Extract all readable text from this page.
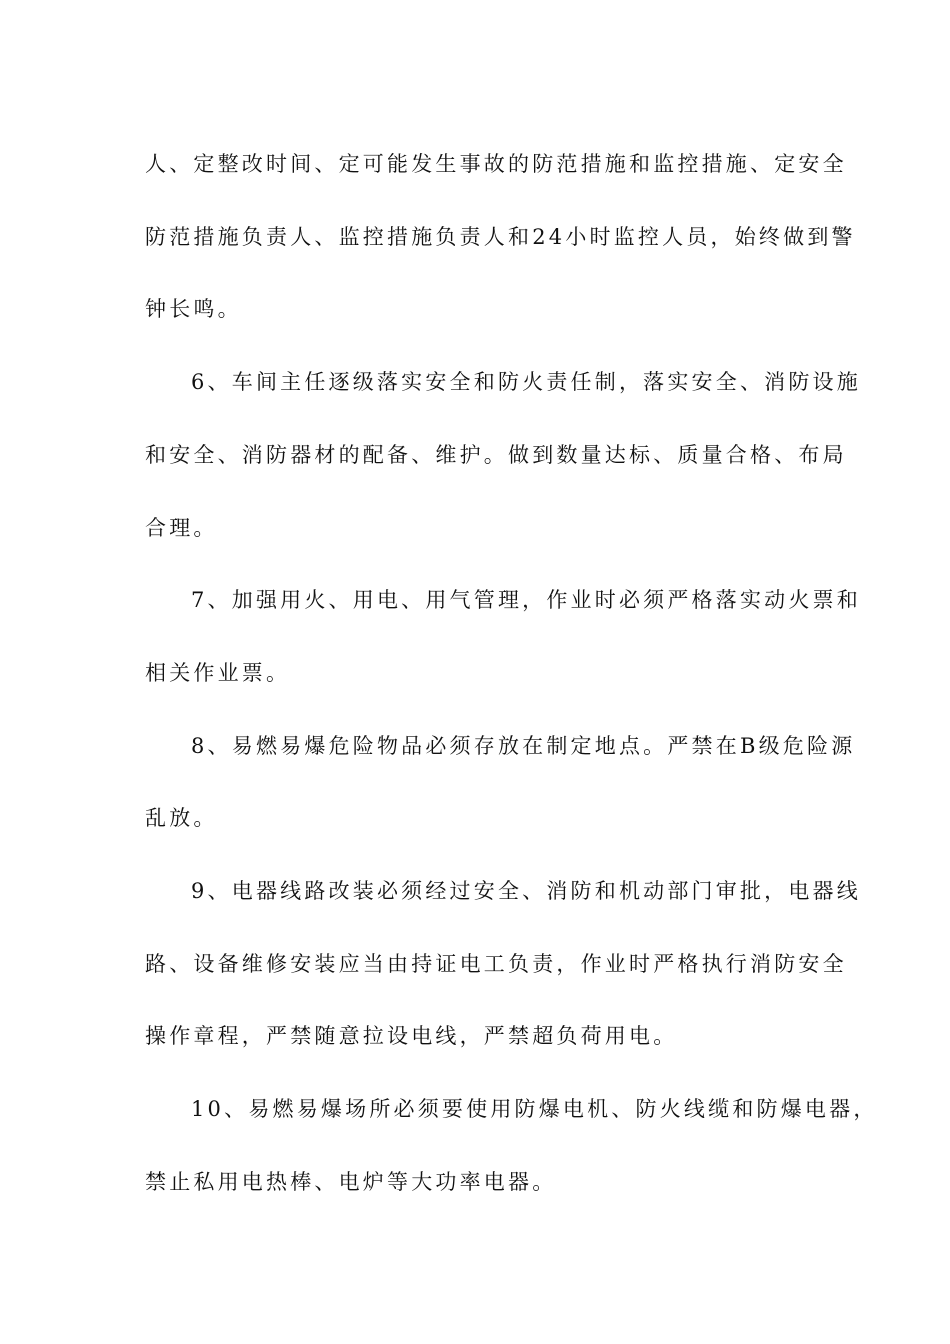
人、定整改时间、定可能发生事故的防范措施和监控措施、定安全
防范措施负责人、监控措施负责人和24小时监控人员，始终做到警
钟长鸣。
6、车间主任逐级落实安全和防火责任制，落实安全、消防设施
和安全、消防器材的配备、维护。做到数量达标、质量合格、布局
合理。
7、加强用火、用电、用气管理，作业时必须严格落实动火票和
相关作业票。
8、易燃易爆危险物品必须存放在制定地点。严禁在B级危险源
乱放。
9、电器线路改装必须经过安全、消防和机动部门审批，电器线
路、设备维修安装应当由持证电工负责，作业时严格执行消防安全
操作章程，严禁随意拉设电线，严禁超负荷用电。
10、易燃易爆场所必须要使用防爆电机、防火线缆和防爆电器，
禁止私用电热棒、电炉等大功率电器。
